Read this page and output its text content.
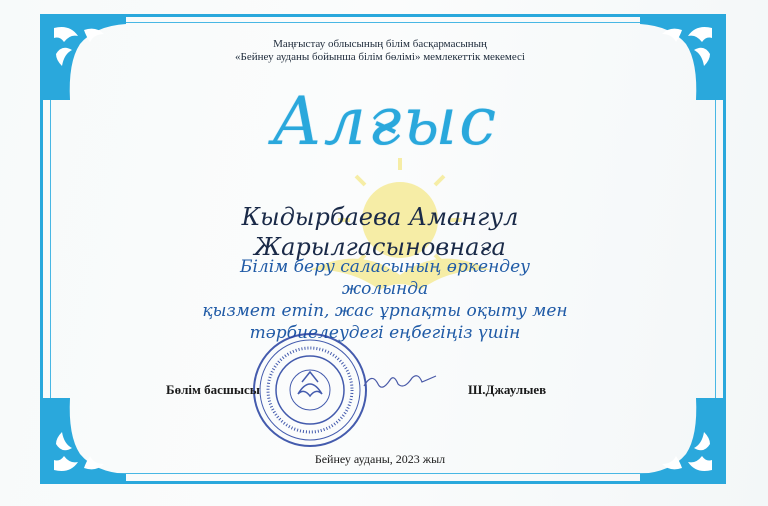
Маңғыстау облысының білім басқармасының
«Бейнеу ауданы бойынша білім бөлімі» мемлекеттік мекемесі
Алғыс
Кыдырбаева Амангул Жарылгасыновнаға
Білім беру саласының өркендеу жолында
қызмет етіп, жас ұрпақты оқыту мен
тәрбиелеудегі еңбегіңіз үшін
Бөлім басшысы	Ш.Джаулыев
Бейнеу ауданы, 2023 жыл
